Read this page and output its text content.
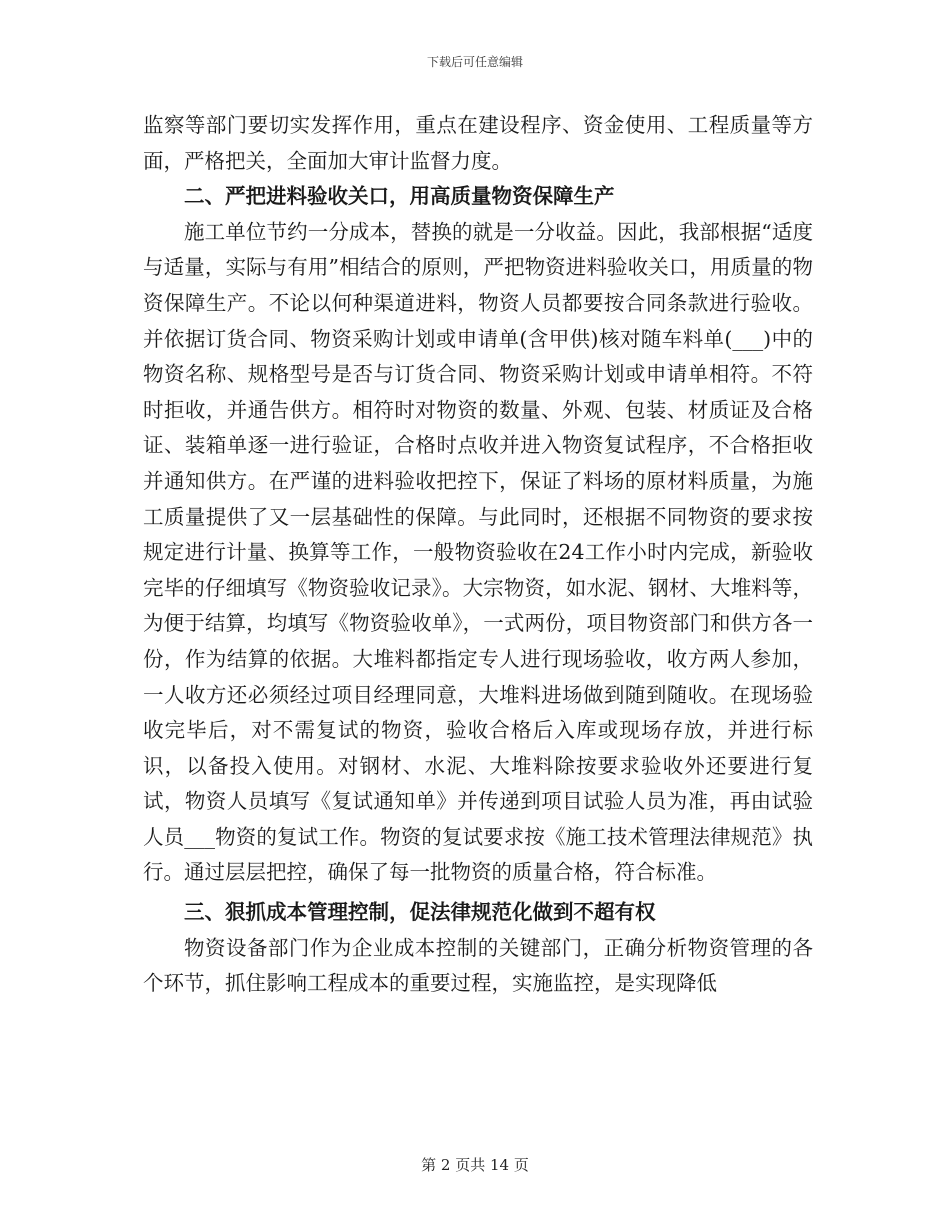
下载后可任意编辑

监察等部门要切实发挥作用，重点在建设程序、资金使用、工程质量等方面，严格把关，全面加大审计监督力度。

二、严把进料验收关口，用高质量物资保障生产

施工单位节约一分成本，替换的就是一分收益。因此，我部根据“适度与适量，实际与有用”相结合的原则，严把物资进料验收关口，用质量的物资保障生产。不论以何种渠道进料，物资人员都要按合同条款进行验收。并依据订货合同、物资采购计划或申请单(含甲供)核对随车料单(___)中的物资名称、规格型号是否与订货合同、物资采购计划或申请单相符。不符时拒收，并通告供方。相符时对物资的数量、外观、包装、材质证及合格证、装箱单逐一进行验证，合格时点收并进入物资复试程序，不合格拒收并通知供方。在严谨的进料验收把控下，保证了料场的原材料质量，为施工质量提供了又一层基础性的保障。与此同时，还根据不同物资的要求按规定进行计量、换算等工作，一般物资验收在24工作小时内完成，新验收完毕的仔细填写《物资验收记录》。大宗物资，如水泥、钢材、大堆料等，为便于结算，均填写《物资验收单》，一式两份，项目物资部门和供方各一份，作为结算的依据。大堆料都指定专人进行现场验收，收方两人参加，一人收方还必须经过项目经理同意，大堆料进场做到随到随收。在现场验收完毕后，对不需复试的物资，验收合格后入库或现场存放，并进行标识，以备投入使用。对钢材、水泥、大堆料除按要求验收外还要进行复试，物资人员填写《复试通知单》并传递到项目试验人员为准，再由试验人员___物资的复试工作。物资的复试要求按《施工技术管理法律规范》执行。通过层层把控，确保了每一批物资的质量合格，符合标准。

三、狠抓成本管理控制，促法律规范化做到不超有权

物资设备部门作为企业成本控制的关键部门，正确分析物资管理的各个环节，抓住影响工程成本的重要过程，实施监控，是实现降低

第 2 页共 14 页
